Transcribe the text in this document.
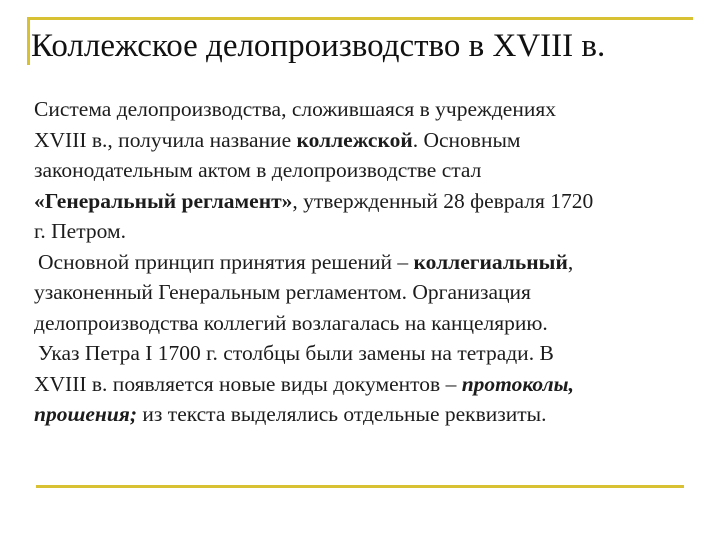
Коллежское делопроизводство в XVIII в.

Система делопроизводства, сложившаяся в учреждениях
XVIII в., получила название коллежской. Основным
законодательным актом в делопроизводстве стал
«Генеральный регламент», утвержденный 28 февраля 1720
г. Петром.

Основной принцип принятия решений – коллегиальный,
узаконенный Генеральным регламентом. Организация
делопроизводства коллегий возлагалась на канцелярию.

Указ Петра I 1700 г. столбцы были замены на тетради. В
XVIII в. появляется новые виды документов – протоколы,
прошения; из текста выделялись отдельные реквизиты.
